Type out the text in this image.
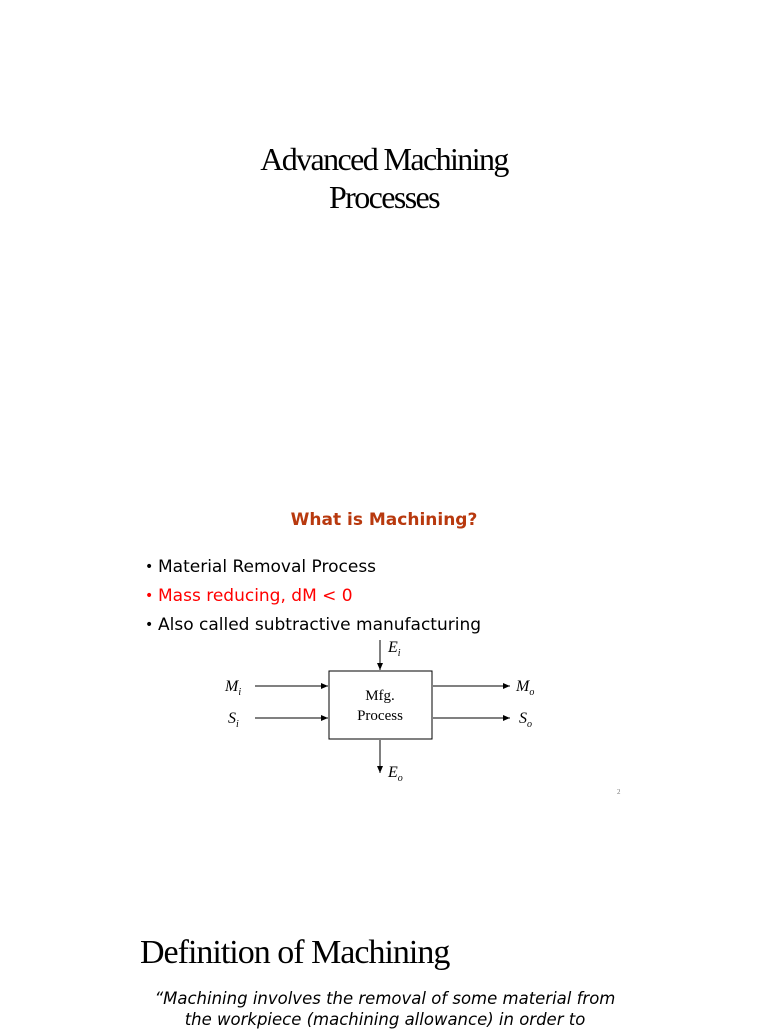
Advanced Machining
Processes
What is Machining?
• Material Removal Process
• Mass reducing, dM < 0
• Also called subtractive manufacturing
Mfg.
Process
$E_i$
$E_o$
$M_i$
$S_i$
$M_o$
$S_o$
2
Definition of Machining
“Machining involves the removal of some material from
the workpiece (machining allowance) in order to
